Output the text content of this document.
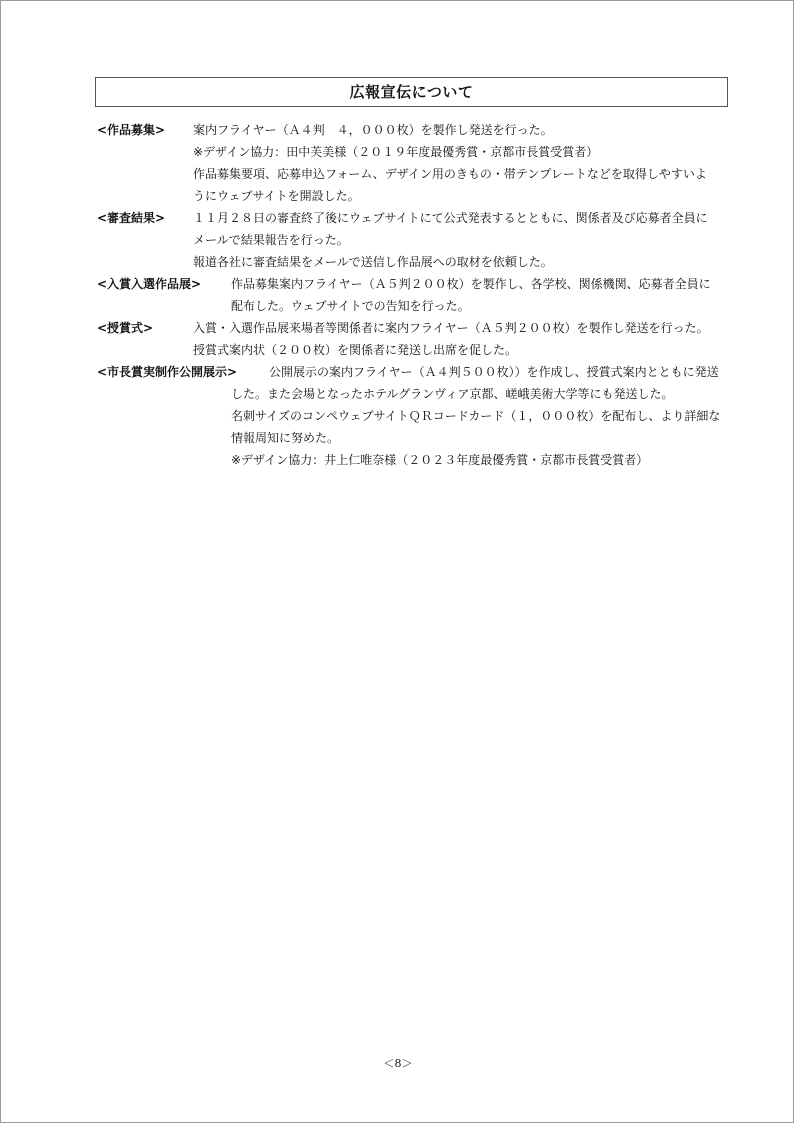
広報宣伝について
<作品募集> 案内フライヤー（Ａ４判　４，０００枚）を製作し発送を行った。
※デザイン協力：田中芙美様（２０１９年度最優秀賞・京都市長賞受賞者）
作品募集要項、応募申込フォーム、デザイン用のきもの・帯テンプレートなどを取得しやすいよ
うにウェブサイトを開設した。
<審査結果> １１月２８日の審査終了後にウェブサイトにて公式発表するとともに、関係者及び応募者全員に
メールで結果報告を行った。
報道各社に審査結果をメールで送信し作品展への取材を依頼した。
<入賞入選作品展> 作品募集案内フライヤー（Ａ５判２００枚）を製作し、各学校、関係機関、応募者全員に
配布した。ウェブサイトでの告知を行った。
<授賞式>	入賞・入選作品展来場者等関係者に案内フライヤー（Ａ５判２００枚）を製作し発送を行った。
授賞式案内状（２００枚）を関係者に発送し出席を促した。
<市長賞実制作公開展示>	公開展示の案内フライヤー（Ａ４判５００枚））を作成し、授賞式案内とともに発送
した。また会場となったホテルグランヴィア京都、嵯峨美術大学等にも発送した。
名刺サイズのコンペウェブサイトＱＲコードカード（１，０００枚）を配布し、より詳細な
情報周知に努めた。
※デザイン協力：井上仁唯奈様（２０２３年度最優秀賞・京都市長賞受賞者）
＜8＞
